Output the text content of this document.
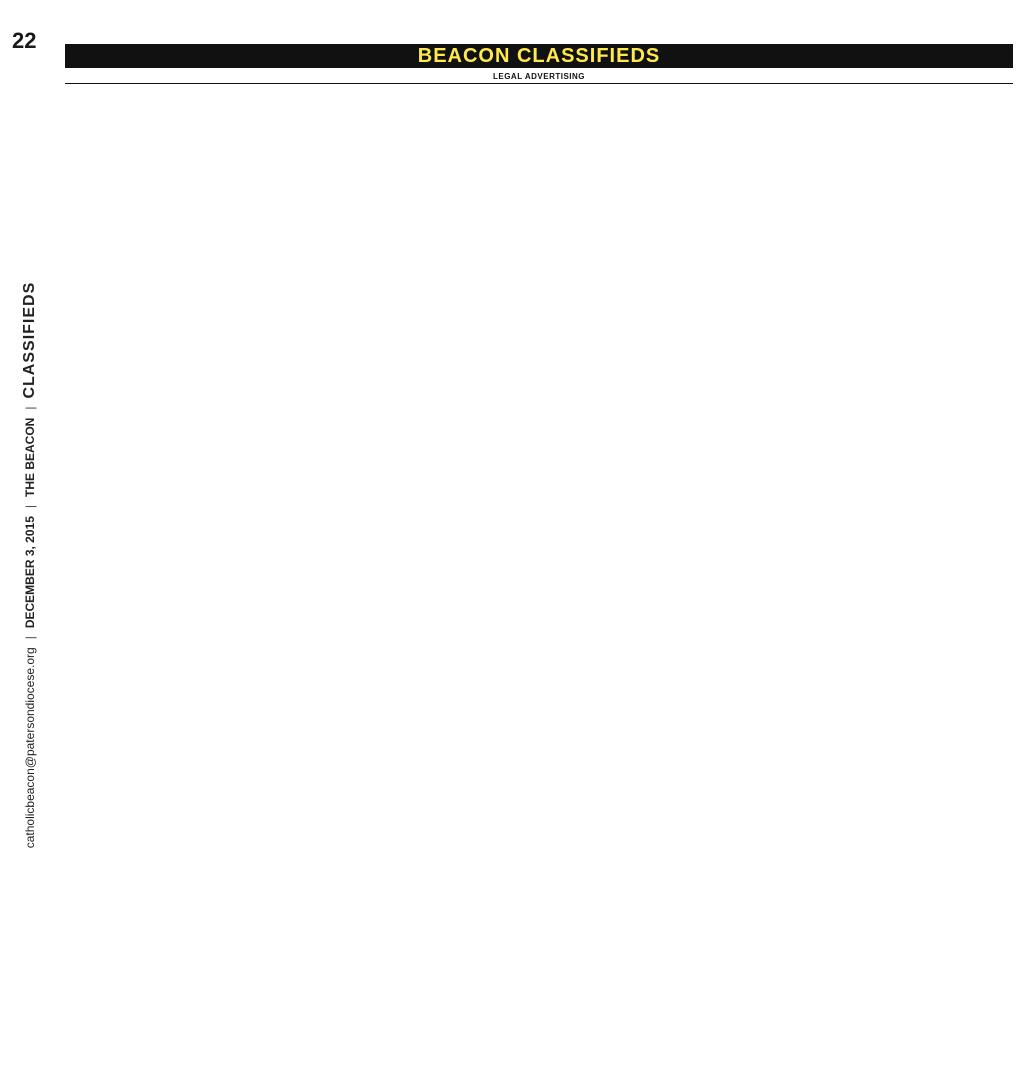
22
catholicbeacon@patersondiocese.org
|
DECEMBER 3, 2015
|
THE BEACON
|
CLASSIFIEDS
BEACON CLASSIFIEDS
LEGAL ADVERTISING
